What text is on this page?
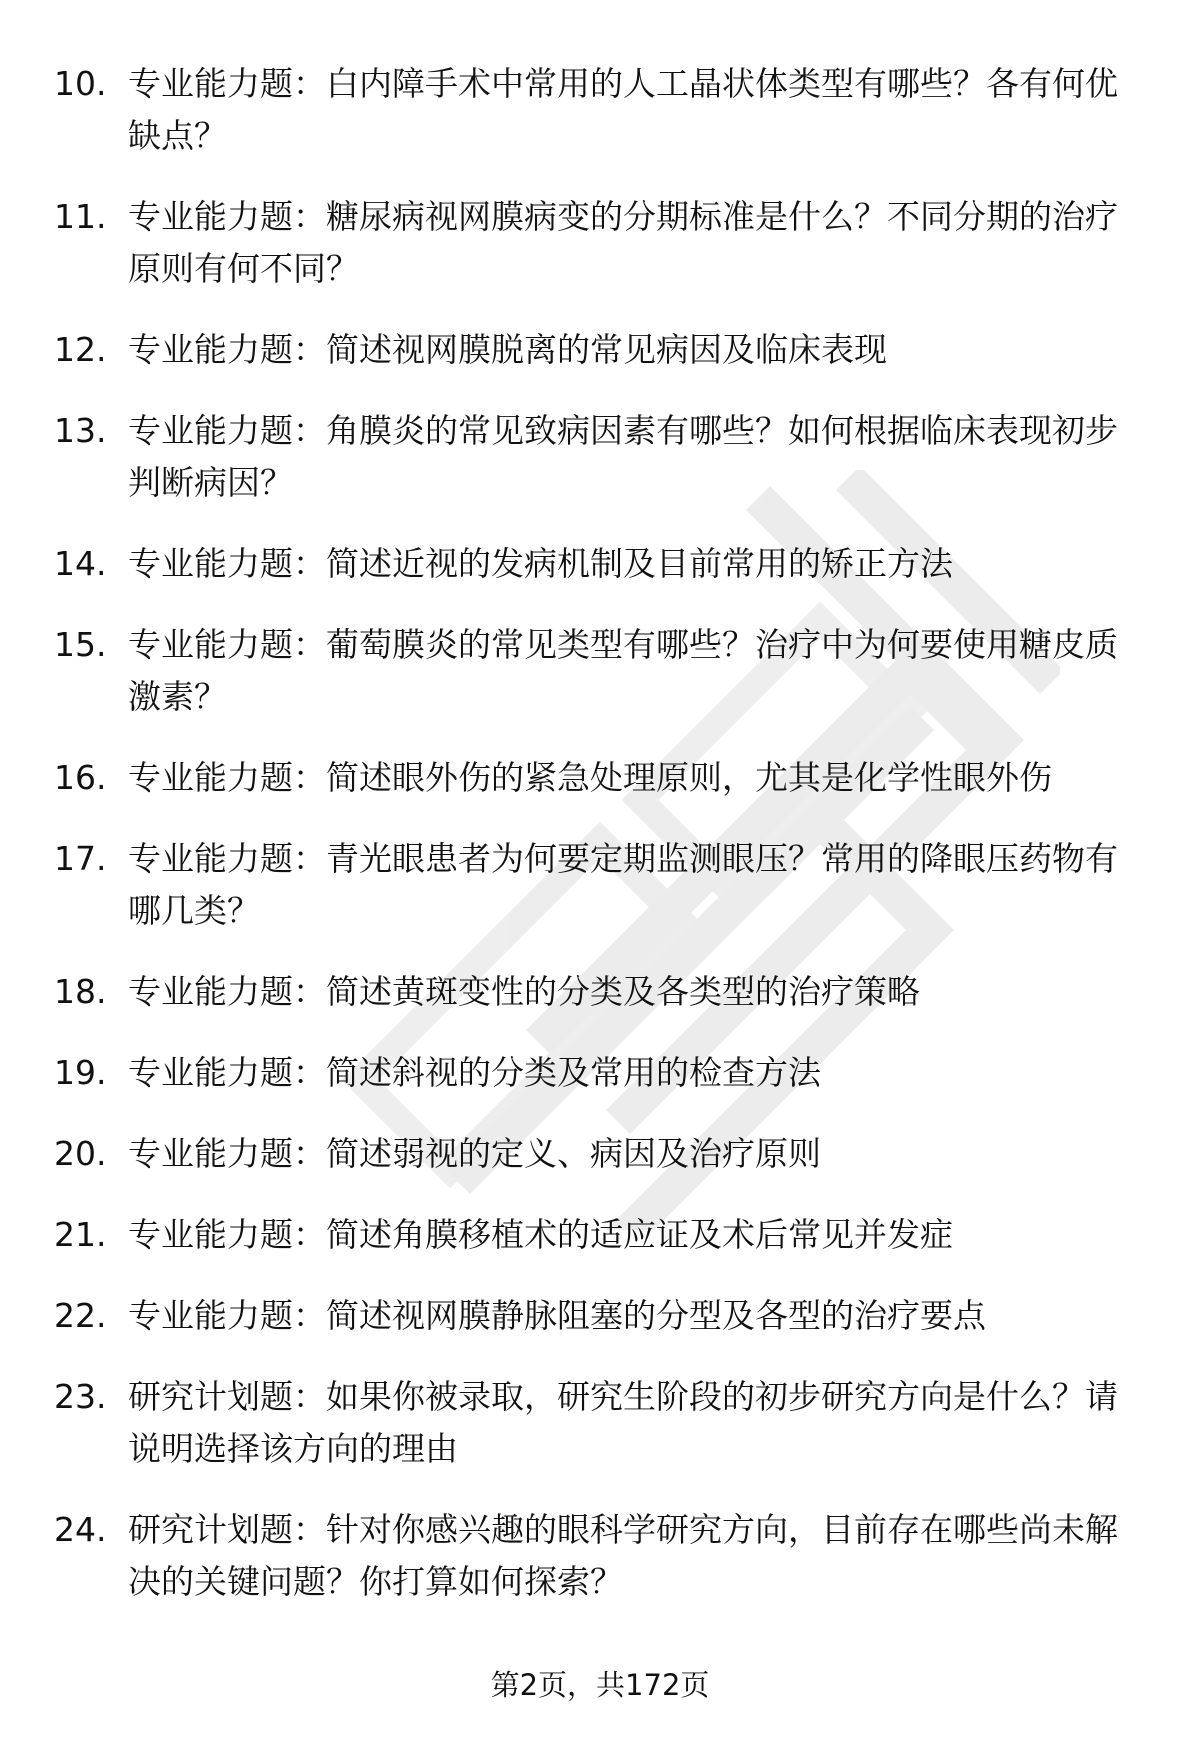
10. 专业能力题：白内障手术中常用的人工晶状体类型有哪些？各有何优缺点？
11. 专业能力题：糖尿病视网膜病变的分期标准是什么？不同分期的治疗原则有何不同？
12. 专业能力题：简述视网膜脱离的常见病因及临床表现
13. 专业能力题：角膜炎的常见致病因素有哪些？如何根据临床表现初步判断病因？
14. 专业能力题：简述近视的发病机制及目前常用的矫正方法
15. 专业能力题：葡萄膜炎的常见类型有哪些？治疗中为何要使用糖皮质激素？
16. 专业能力题：简述眼外伤的紧急处理原则，尤其是化学性眼外伤
17. 专业能力题：青光眼患者为何要定期监测眼压？常用的降眼压药物有哪几类？
18. 专业能力题：简述黄斑变性的分类及各类型的治疗策略
19. 专业能力题：简述斜视的分类及常用的检查方法
20. 专业能力题：简述弱视的定义、病因及治疗原则
21. 专业能力题：简述角膜移植术的适应证及术后常见并发症
22. 专业能力题：简述视网膜静脉阻塞的分型及各型的治疗要点
23. 研究计划题：如果你被录取，研究生阶段的初步研究方向是什么？请说明选择该方向的理由
24. 研究计划题：针对你感兴趣的眼科学研究方向，目前存在哪些尚未解决的关键问题？你打算如何探索？
第2页，共172页
